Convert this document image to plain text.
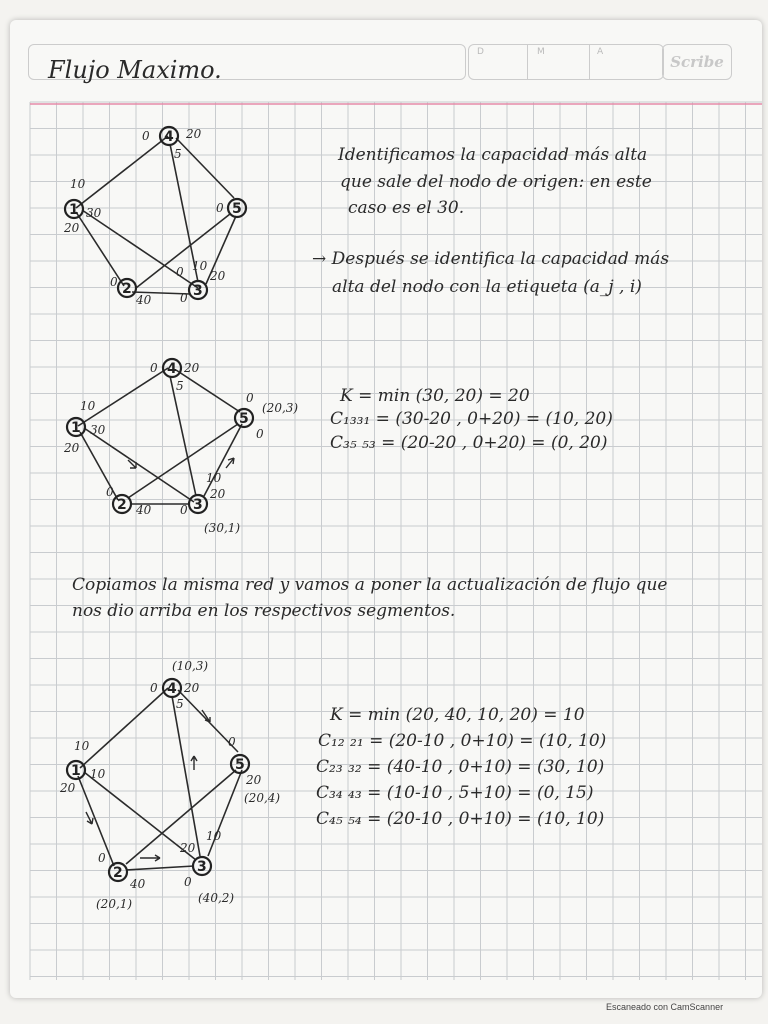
D	M	A
Scribe
Flujo Maximo.
Identificamos la capacidad más alta
que sale del nodo de origen: en este
caso es el 30.
→ Después se identifica la capacidad más
alta del nodo con la etiqueta (a_j , i)
K = min (30, 20) = 20
C₁₃₃₁ = (30-20 , 0+20) = (10, 20)
C₃₅ ₅₃ = (20-20 , 0+20) = (0, 20)
Copiamos la misma red y vamos a poner la actualización de flujo que
nos dio arriba en los respectivos segmentos.
K = min (20, 40, 10, 20) = 10
C₁₂ ₂₁ = (20-10 , 0+10) = (10, 10)
C₂₃ ₃₂ = (40-10 , 0+10) = (30, 10)
C₃₄ ₄₃ = (10-10 , 5+10) = (0, 15)
C₄₅ ₅₄ = (20-10 , 0+10) = (10, 10)
4
1	5
2	3
0	20
5
10
30
20
0
40
0
10
20
0
0
4
1
5
2	3
0 20
5
10
30
20
0
40
0
10
20
0
0
(20,3)
(30,1)
4
1	5
2	3
0 20
5
10
10
20
0
40
0
10
20
0
20
(10,3)
(20,4)
(20,1)	(40,2)
Escaneado con CamScanner
